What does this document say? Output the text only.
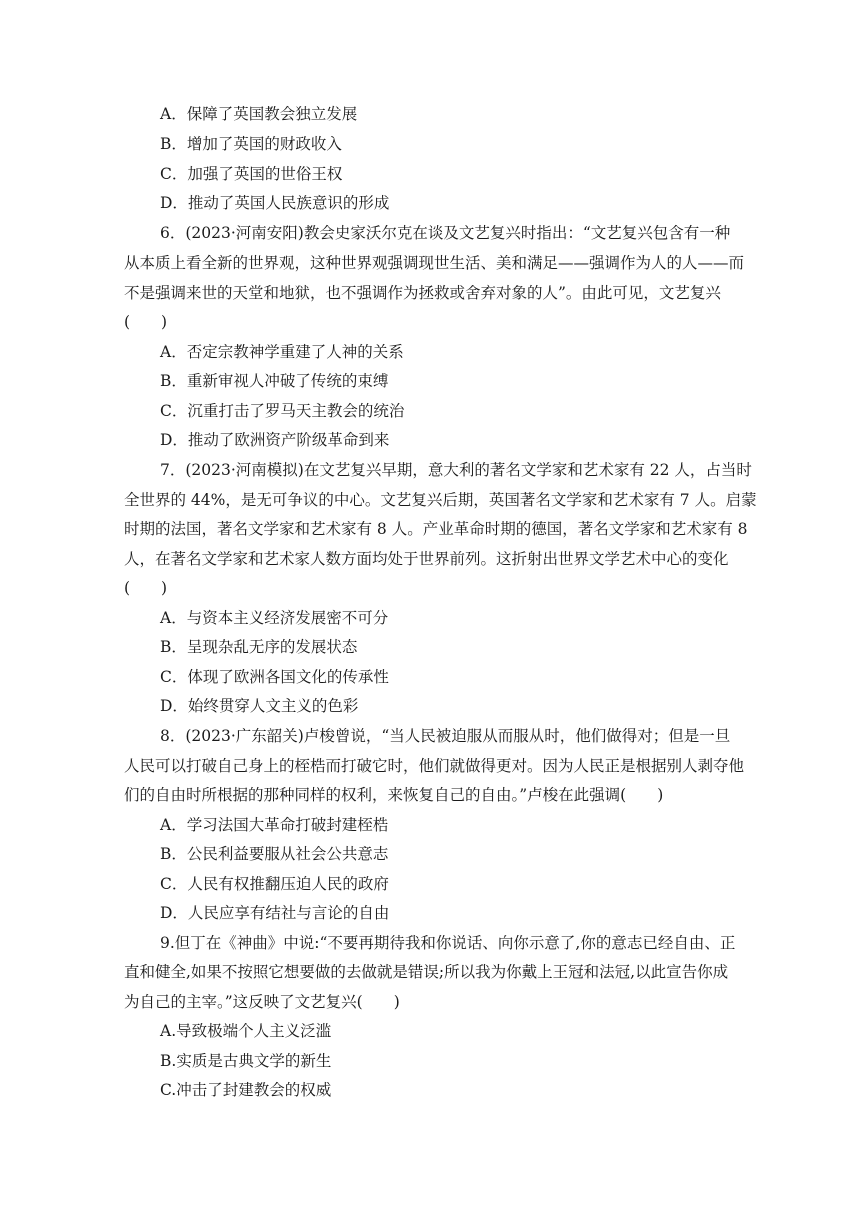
A．保障了英国教会独立发展
B．增加了英国的财政收入
C．加强了英国的世俗王权
D．推动了英国人民族意识的形成
6．(2023·河南安阳)教会史家沃尔克在谈及文艺复兴时指出：“文艺复兴包含有一种
从本质上看全新的世界观，这种世界观强调现世生活、美和满足——强调作为人的人——而
不是强调来世的天堂和地狱，也不强调作为拯救或舍弃对象的人”。由此可见，文艺复兴
(　　)
A．否定宗教神学重建了人神的关系
B．重新审视人冲破了传统的束缚
C．沉重打击了罗马天主教会的统治
D．推动了欧洲资产阶级革命到来
7．(2023·河南模拟)在文艺复兴早期，意大利的著名文学家和艺术家有 22 人，占当时
全世界的 44%，是无可争议的中心。文艺复兴后期，英国著名文学家和艺术家有 7 人。启蒙
时期的法国，著名文学家和艺术家有 8 人。产业革命时期的德国，著名文学家和艺术家有 8
人，在著名文学家和艺术家人数方面均处于世界前列。这折射出世界文学艺术中心的变化
(　　)
A．与资本主义经济发展密不可分
B．呈现杂乱无序的发展状态
C．体现了欧洲各国文化的传承性
D．始终贯穿人文主义的色彩
8．(2023·广东韶关)卢梭曾说，“当人民被迫服从而服从时，他们做得对；但是一旦
人民可以打破自己身上的桎梏而打破它时，他们就做得更对。因为人民正是根据别人剥夺他
们的自由时所根据的那种同样的权利，来恢复自己的自由。”卢梭在此强调(　　)
A．学习法国大革命打破封建桎梏
B．公民利益要服从社会公共意志
C．人民有权推翻压迫人民的政府
D．人民应享有结社与言论的自由
9.但丁在《神曲》中说:“不要再期待我和你说话、向你示意了,你的意志已经自由、正
直和健全,如果不按照它想要做的去做就是错误;所以我为你戴上王冠和法冠,以此宣告你成
为自己的主宰。”这反映了文艺复兴(　　)
A.导致极端个人主义泛滥
B.实质是古典文学的新生
C.冲击了封建教会的权威
